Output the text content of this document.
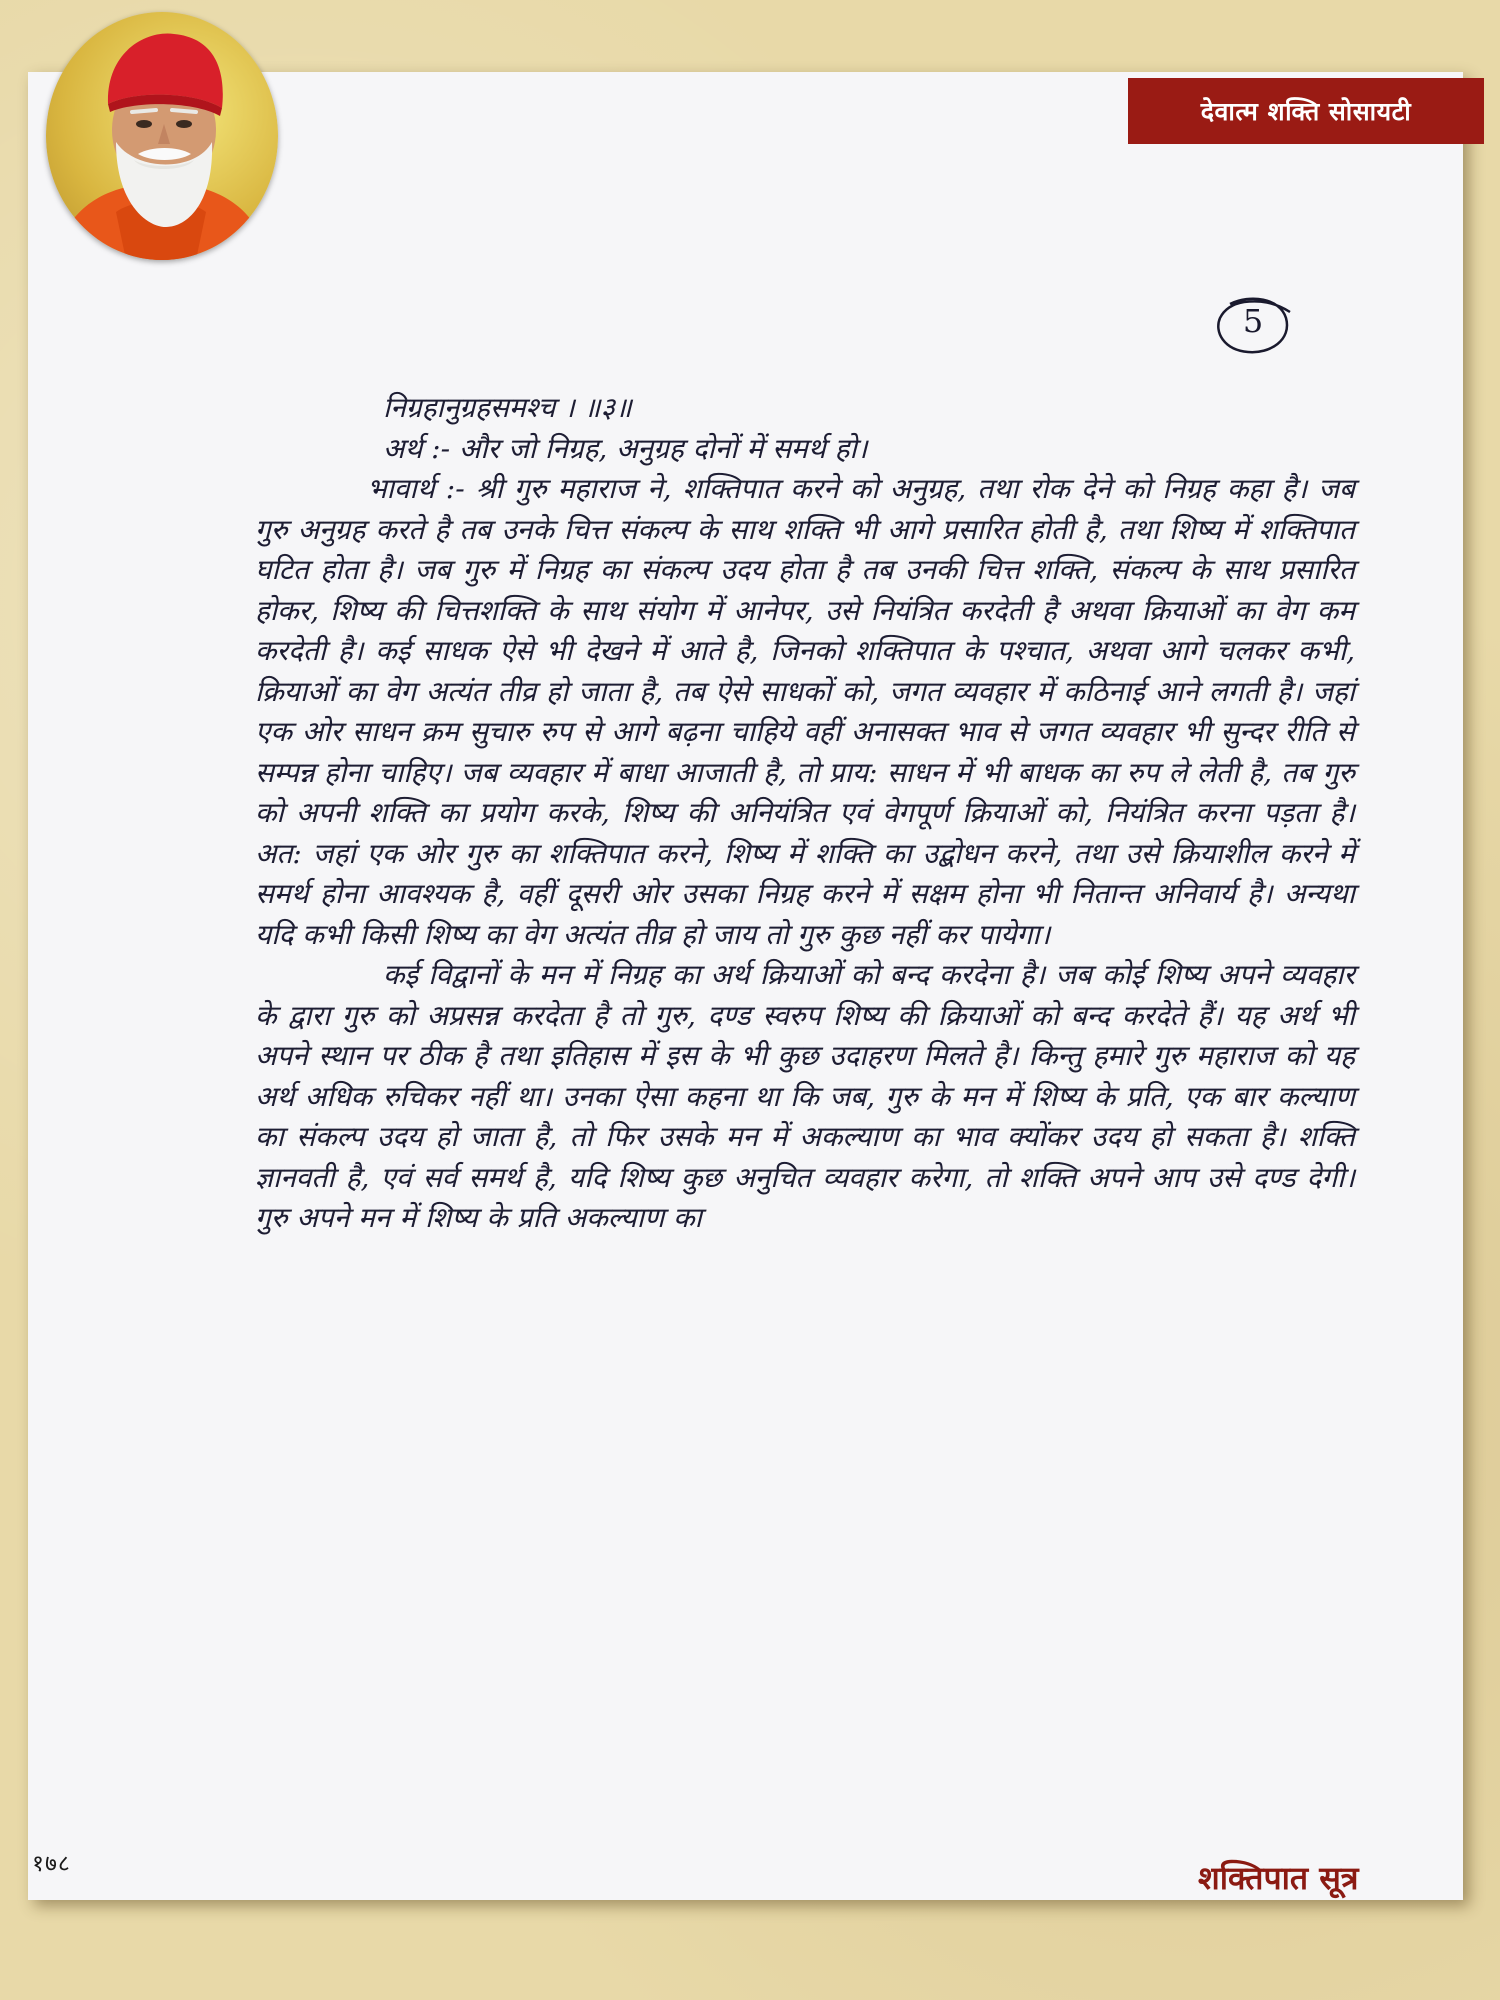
देवात्म शक्ति सोसायटी
5

निग्रहानुग्रहसमश्च । ॥३॥

अर्थ :- और जो निग्रह, अनुग्रह दोनों में समर्थ हो।

भावार्थ :- श्री गुरु महाराज ने, शक्तिपात करने को अनुग्रह, तथा रोक देने को निग्रह कहा है। जब गुरु अनुग्रह करते है तब उनके चित्त संकल्प के साथ शक्ति भी आगे प्रसारित होती है, तथा शिष्य में शक्तिपात घटित होता है। जब गुरु में निग्रह का संकल्प उदय होता है तब उनकी चित्त शक्ति, संकल्प के साथ प्रसारित होकर, शिष्य की चित्तशक्ति के साथ संयोग में आनेपर, उसे नियंत्रित करदेती है अथवा क्रियाओं का वेग कम करदेती है। कई साधक ऐसे भी देखने में आते है, जिनको शक्तिपात के पश्चात, अथवा आगे चलकर कभी, क्रियाओं का वेग अत्यंत तीव्र हो जाता है, तब ऐसे साधकों को, जगत व्यवहार में कठिनाई आने लगती है। जहां एक ओर साधन क्रम सुचारु रुप से आगे बढ़ना चाहिये वहीं अनासक्त भाव से जगत व्यवहार भी सुन्दर रीति से सम्पन्न होना चाहिए। जब व्यवहार में बाधा आजाती है, तो प्राय: साधन में भी बाधक का रुप ले लेती है, तब गुरु को अपनी शक्ति का प्रयोग करके, शिष्य की अनियंत्रित एवं वेगपूर्ण क्रियाओं को, नियंत्रित करना पड़ता है। अत: जहां एक ओर गुरु का शक्तिपात करने, शिष्य में शक्ति का उद्बोधन करने, तथा उसे क्रियाशील करने में समर्थ होना आवश्यक है, वहीं दूसरी ओर उसका निग्रह करने में सक्षम होना भी नितान्त अनिवार्य है। अन्यथा यदि कभी किसी शिष्य का वेग अत्यंत तीव्र हो जाय तो गुरु कुछ नहीं कर पायेगा।

कई विद्वानों के मन में निग्रह का अर्थ क्रियाओं को बन्द करदेना है। जब कोई शिष्य अपने व्यवहार के द्वारा गुरु को अप्रसन्न करदेता है तो गुरु, दण्ड स्वरुप शिष्य की क्रियाओं को बन्द करदेते हैं। यह अर्थ भी अपने स्थान पर ठीक है तथा इतिहास में इस के भी कुछ उदाहरण मिलते है। किन्तु हमारे गुरु महाराज को यह अर्थ अधिक रुचिकर नहीं था। उनका ऐसा कहना था कि जब, गुरु के मन में शिष्य के प्रति, एक बार कल्याण का संकल्प उदय हो जाता है, तो फिर उसके मन में अकल्याण का भाव क्योंकर उदय हो सकता है। शक्ति ज्ञानवती है, एवं सर्व समर्थ है, यदि शिष्य कुछ अनुचित व्यवहार करेगा, तो शक्ति अपने आप उसे दण्ड देगी। गुरु अपने मन में शिष्य के प्रति अकल्याण का

१७८	शक्तिपात सूत्र
